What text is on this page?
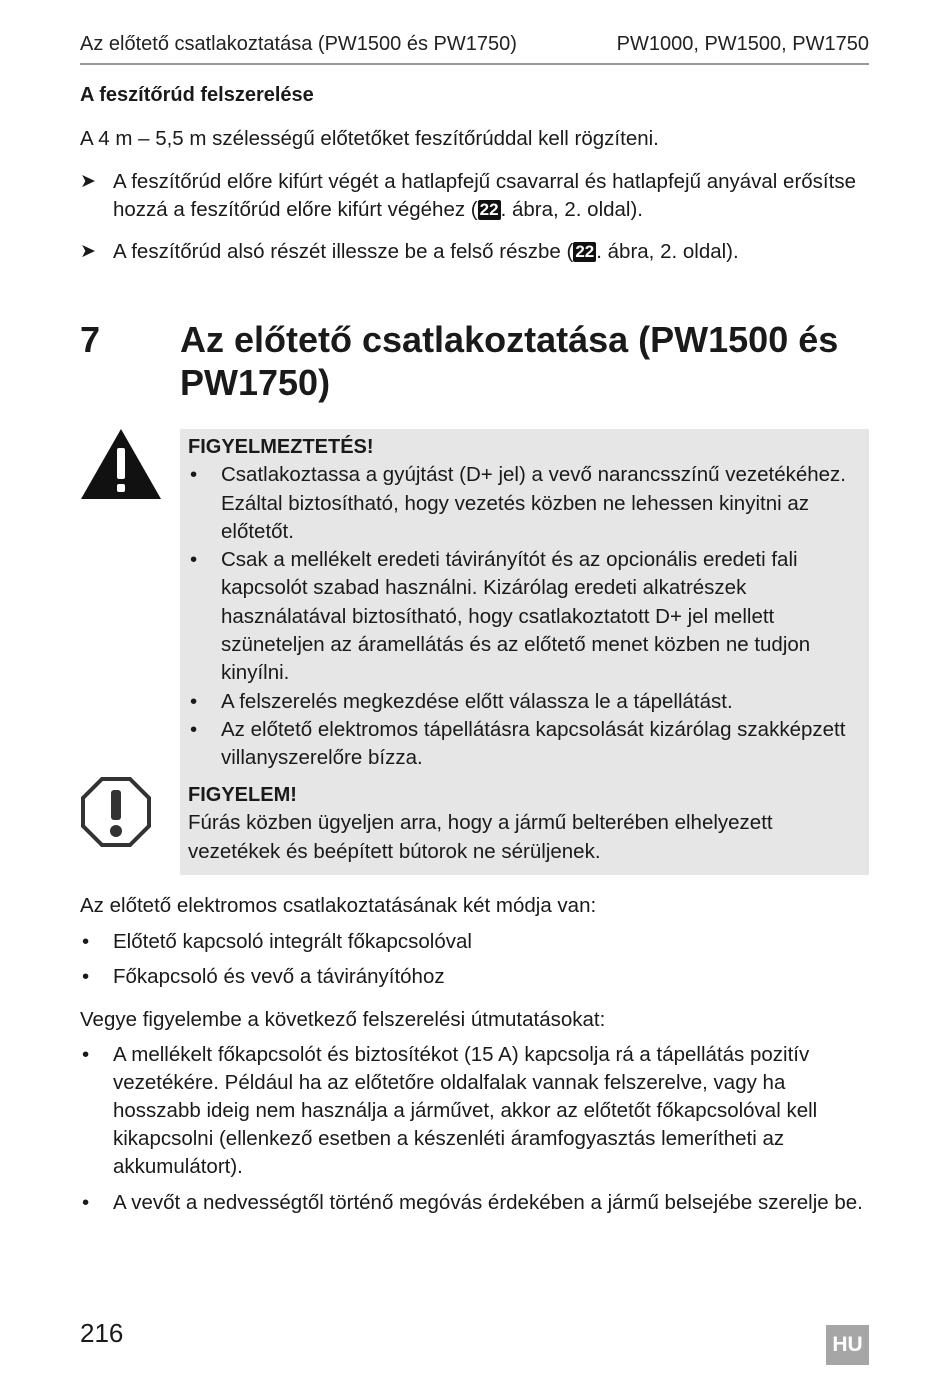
Az előtető csatlakoztatása (PW1500 és PW1750)	PW1000, PW1500, PW1750
A feszítőrúd felszerelése
A 4 m – 5,5 m szélességű előtetőket feszítőrúddal kell rögzíteni.
➤ A feszítőrúd előre kifúrt végét a hatlapfejű csavarral és hatlapfejű anyával erősítse hozzá a feszítőrúd előre kifúrt végéhez ( 22. ábra, 2. oldal).
➤ A feszítőrúd alsó részét illessze be a felső részbe ( 22. ábra, 2. oldal).
7 Az előtető csatlakoztatása (PW1500 és PW1750)
FIGYELMEZTETÉS!
• Csatlakoztassa a gyújtást (D+ jel) a vevő narancsszínű vezetékéhez. Ezáltal biztosítható, hogy vezetés közben ne lehessen kinyitni az előtetőt.
• Csak a mellékelt eredeti távirányítót és az opcionális eredeti fali kapcsolót szabad használni. Kizárólag eredeti alkatrészek használatával biztosítható, hogy csatlakoztatott D+ jel mellett szüneteljen az áramellátás és az előtető menet közben ne tudjon kinyílni.
• A felszerelés megkezdése előtt válassza le a tápellátást.
• Az előtető elektromos tápellátásra kapcsolását kizárólag szakképzett villanyszerelőre bízza.
FIGYELEM!
Fúrás közben ügyeljen arra, hogy a jármű belterében elhelyezett vezetékek és beépített bútorok ne sérüljenek.
Az előtető elektromos csatlakoztatásának két módja van:
• Előtető kapcsoló integrált főkapcsolóval
• Főkapcsoló és vevő a távirányítóhoz
Vegye figyelembe a következő felszerelési útmutatásokat:
• A mellékelt főkapcsolót és biztosítékot (15 A) kapcsolja rá a tápellátás pozitív vezetékére. Például ha az előtetőre oldalfalak vannak felszerelve, vagy ha hosszabb ideig nem használja a járművet, akkor az előtetőt főkapcsolóval kell kikapcsolni (ellenkező esetben a készenléti áramfogyasztás lemerítheti az akkumulátort).
• A vevőt a nedvességtől történő megóvás érdekében a jármű belsejébe szerelje be.
216	HU
